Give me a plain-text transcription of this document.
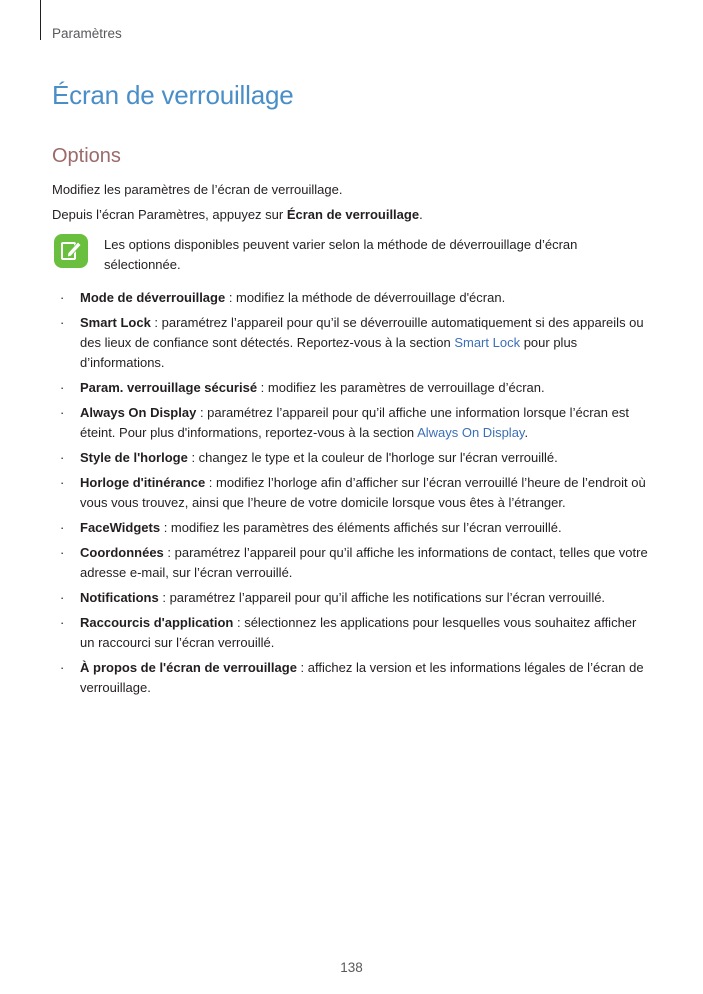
Paramètres
Écran de verrouillage
Options

Modifiez les paramètres de l’écran de verrouillage.

Depuis l’écran Paramètres, appuyez sur Écran de verrouillage.

Les options disponibles peuvent varier selon la méthode de déverrouillage d’écran sélectionnée.
· Mode de déverrouillage : modifiez la méthode de déverrouillage d'écran.
· Smart Lock : paramétrez l’appareil pour qu’il se déverrouille automatiquement si des appareils ou des lieux de confiance sont détectés. Reportez-vous à la section Smart Lock pour plus d’informations.
· Param. verrouillage sécurisé : modifiez les paramètres de verrouillage d’écran.
· Always On Display : paramétrez l’appareil pour qu’il affiche une information lorsque l’écran est éteint. Pour plus d'informations, reportez-vous à la section Always On Display.
· Style de l'horloge : changez le type et la couleur de l'horloge sur l'écran verrouillé.
· Horloge d'itinérance : modifiez l’horloge afin d’afficher sur l’écran verrouillé l’heure de l’endroit où vous vous trouvez, ainsi que l’heure de votre domicile lorsque vous êtes à l’étranger.
· FaceWidgets : modifiez les paramètres des éléments affichés sur l’écran verrouillé.
· Coordonnées : paramétrez l’appareil pour qu’il affiche les informations de contact, telles que votre adresse e-mail, sur l’écran verrouillé.
· Notifications : paramétrez l’appareil pour qu’il affiche les notifications sur l’écran verrouillé.
· Raccourcis d'application : sélectionnez les applications pour lesquelles vous souhaitez afficher un raccourci sur l’écran verrouillé.
· À propos de l'écran de verrouillage : affichez la version et les informations légales de l’écran de verrouillage.
138
